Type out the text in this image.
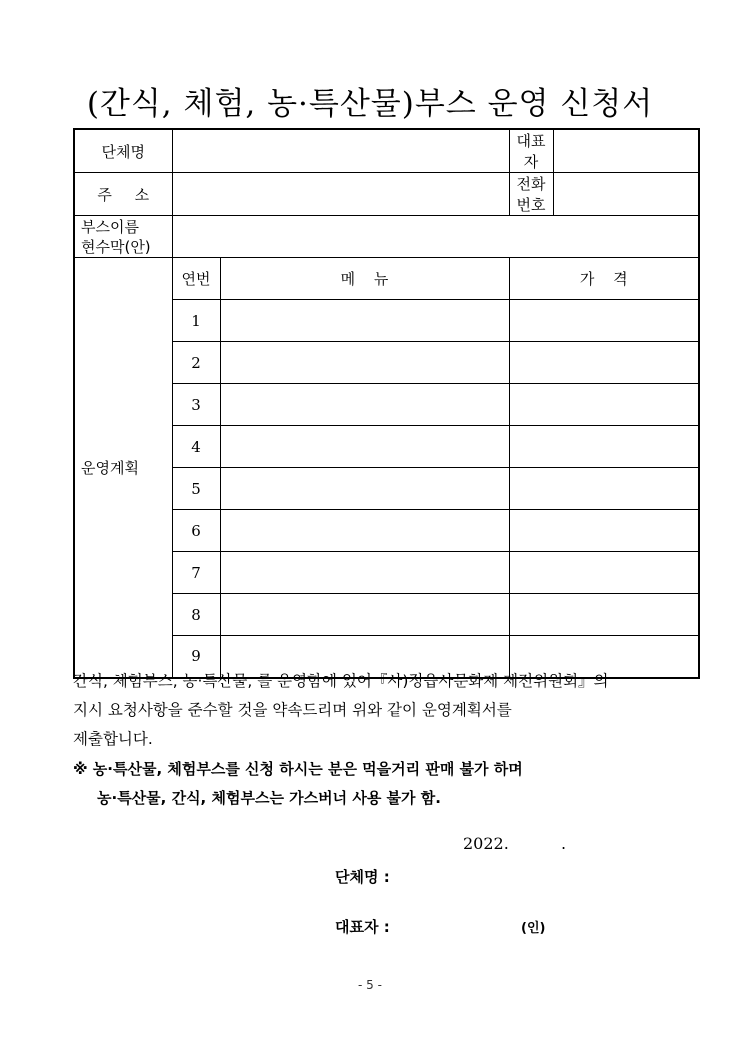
(간식, 체험, 농·특산물)부스 운영 신청서
단체명			대표자	
주 소			전화번호	

부스이름
현수막(안)				

운영계획	연번	메 뉴	가 격	
	1			
	2			
	3			
	4			
	5			
	6			
	7			
	8			
	9			
간식, 체험부스, 농·특산물, 를 운영함에 있어『사)정읍사문화제 제전위원회』의
지시 요청사항을 준수할 것을 약속드리며 위와 같이 운영계획서를
제출합니다.
※ 농·특산물, 체험부스를 신청 하시는 분은 먹을거리 판매 불가 하며
농·특산물, 간식, 체험부스는 가스버너 사용 불가 함.
2022.	.
단체명 :
대표자 :	(인)
- 5 -
